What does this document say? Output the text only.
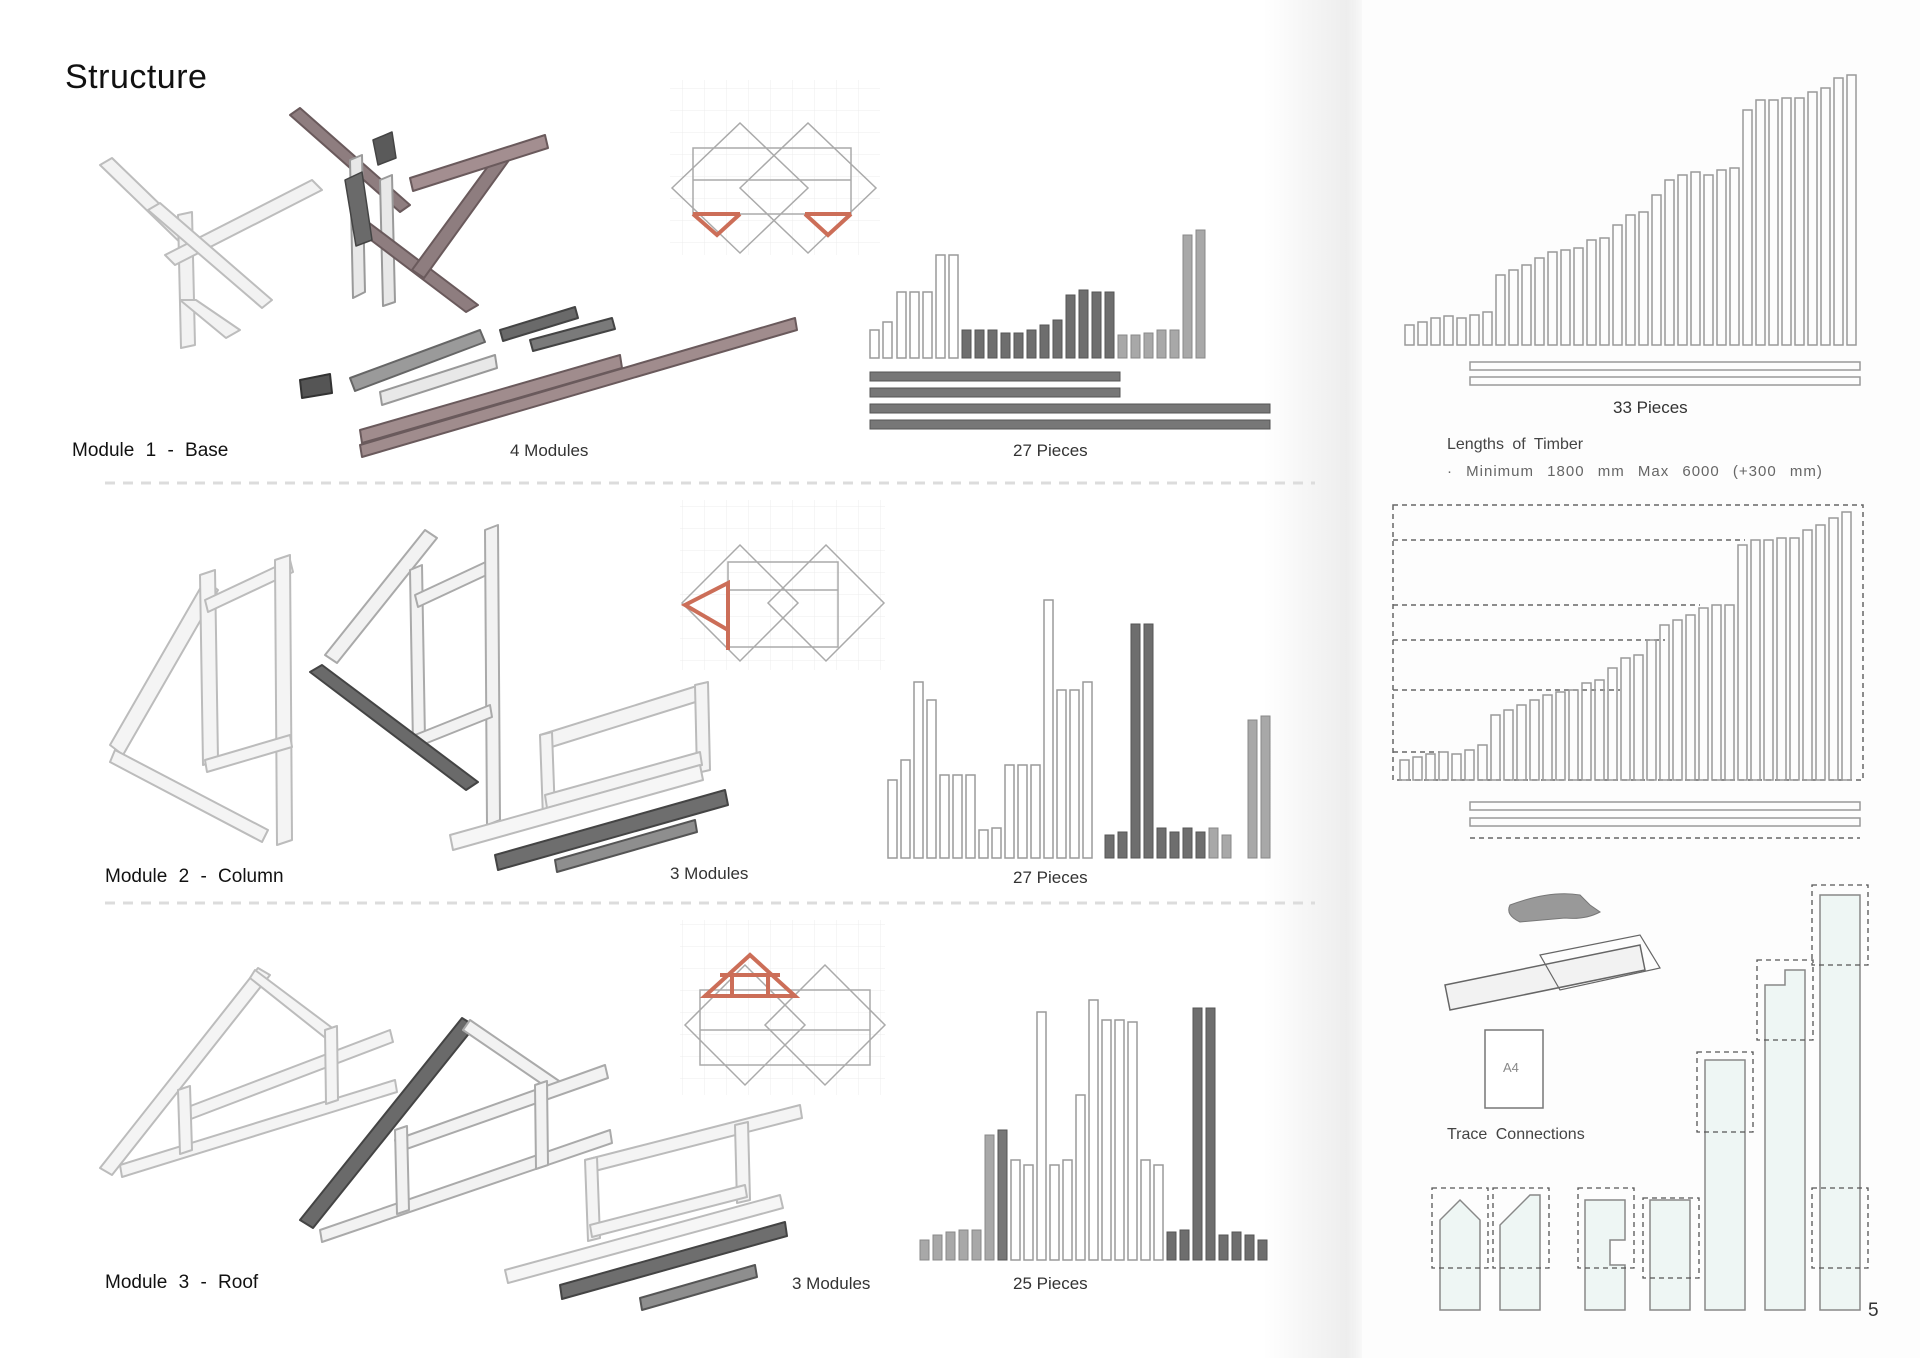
Structure
Module 1 - Base	4 Modules	27 Pieces
Module 2 - Column	3 Modules	27 Pieces
Module 3 - Roof	3 Modules	25 Pieces
33 Pieces
Lengths of Timber
· Minimum 1800 mm Max 6000 (+300 mm)
A4
Trace Connections
5
